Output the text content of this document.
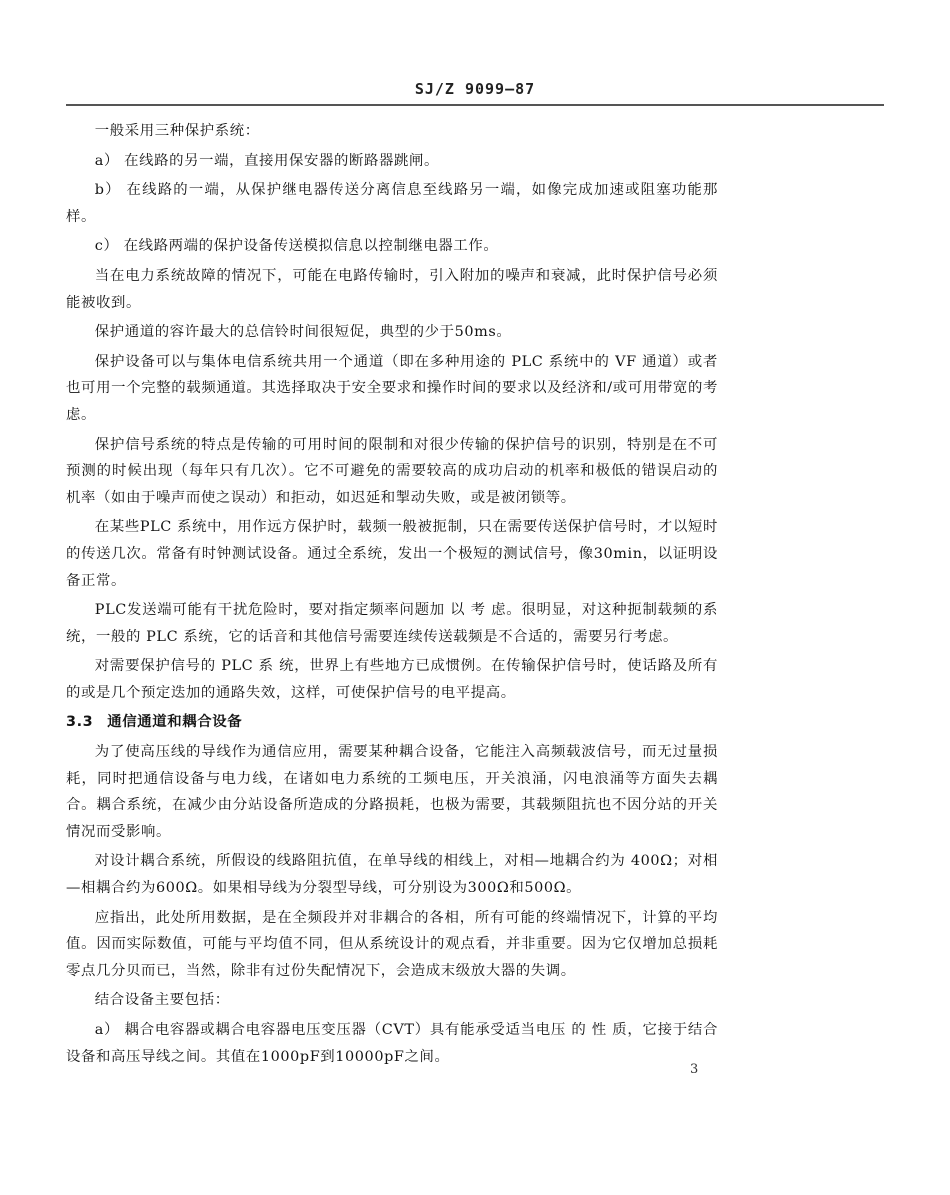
SJ/Z 9099—87

一般采用三种保护系统：

a） 在线路的另一端，直接用保安器的断路器跳闸。

b） 在线路的一端，从保护继电器传送分离信息至线路另一端，如像完成加速或阻塞功能那样。

c） 在线路两端的保护设备传送模拟信息以控制继电器工作。

当在电力系统故障的情况下，可能在电路传输时，引入附加的噪声和衰减，此时保护信号必须能被收到。

保护通道的容许最大的总信铃时间很短促，典型的少于50ms。

保护设备可以与集体电信系统共用一个通道（即在多种用途的 PLC 系统中的 VF 通道）或者也可用一个完整的载频通道。其选择取决于安全要求和操作时间的要求以及经济和/或可用带宽的考虑。

保护信号系统的特点是传输的可用时间的限制和对很少传输的保护信号的识别，特别是在不可预测的时候出现（每年只有几次）。它不可避免的需要较高的成功启动的机率和极低的错误启动的机率（如由于噪声而使之误动）和拒动，如迟延和掣动失败，或是被闭锁等。

在某些PLC 系统中，用作远方保护时，载频一般被扼制，只在需要传送保护信号时，才以短时的传送几次。常备有时钟测试设备。通过全系统，发出一个极短的测试信号，像30min，以证明设备正常。

PLC发送端可能有干扰危险时，要对指定频率问题加 以 考 虑。很明显，对这种扼制载频的系统，一般的 PLC 系统，它的话音和其他信号需要连续传送载频是不合适的，需要另行考虑。

对需要保护信号的 PLC 系 统，世界上有些地方已成惯例。在传输保护信号时，使话路及所有的或是几个预定迭加的通路失效，这样，可使保护信号的电平提高。

3.3 通信通道和耦合设备

为了使高压线的导线作为通信应用，需要某种耦合设备，它能注入高频载波信号，而无过量损耗，同时把通信设备与电力线，在诸如电力系统的工频电压，开关浪涌，闪电浪涌等方面失去耦合。耦合系统，在减少由分站设备所造成的分路损耗，也极为需要，其载频阻抗也不因分站的开关情况而受影响。

对设计耦合系统，所假设的线路阻抗值，在单导线的相线上，对相—地耦合约为 400Ω；对相—相耦合约为600Ω。如果相导线为分裂型导线，可分别设为300Ω和500Ω。

应指出，此处所用数据，是在全频段并对非耦合的各相，所有可能的终端情况下，计算的平均值。因而实际数值，可能与平均值不同，但从系统设计的观点看，并非重要。因为它仅增加总损耗零点几分贝而已，当然，除非有过份失配情况下，会造成末级放大器的失调。

结合设备主要包括：

a） 耦合电容器或耦合电容器电压变压器（CVT）具有能承受适当电压 的 性 质，它接于结合设备和高压导线之间。其值在1000pF到10000pF之间。

3
